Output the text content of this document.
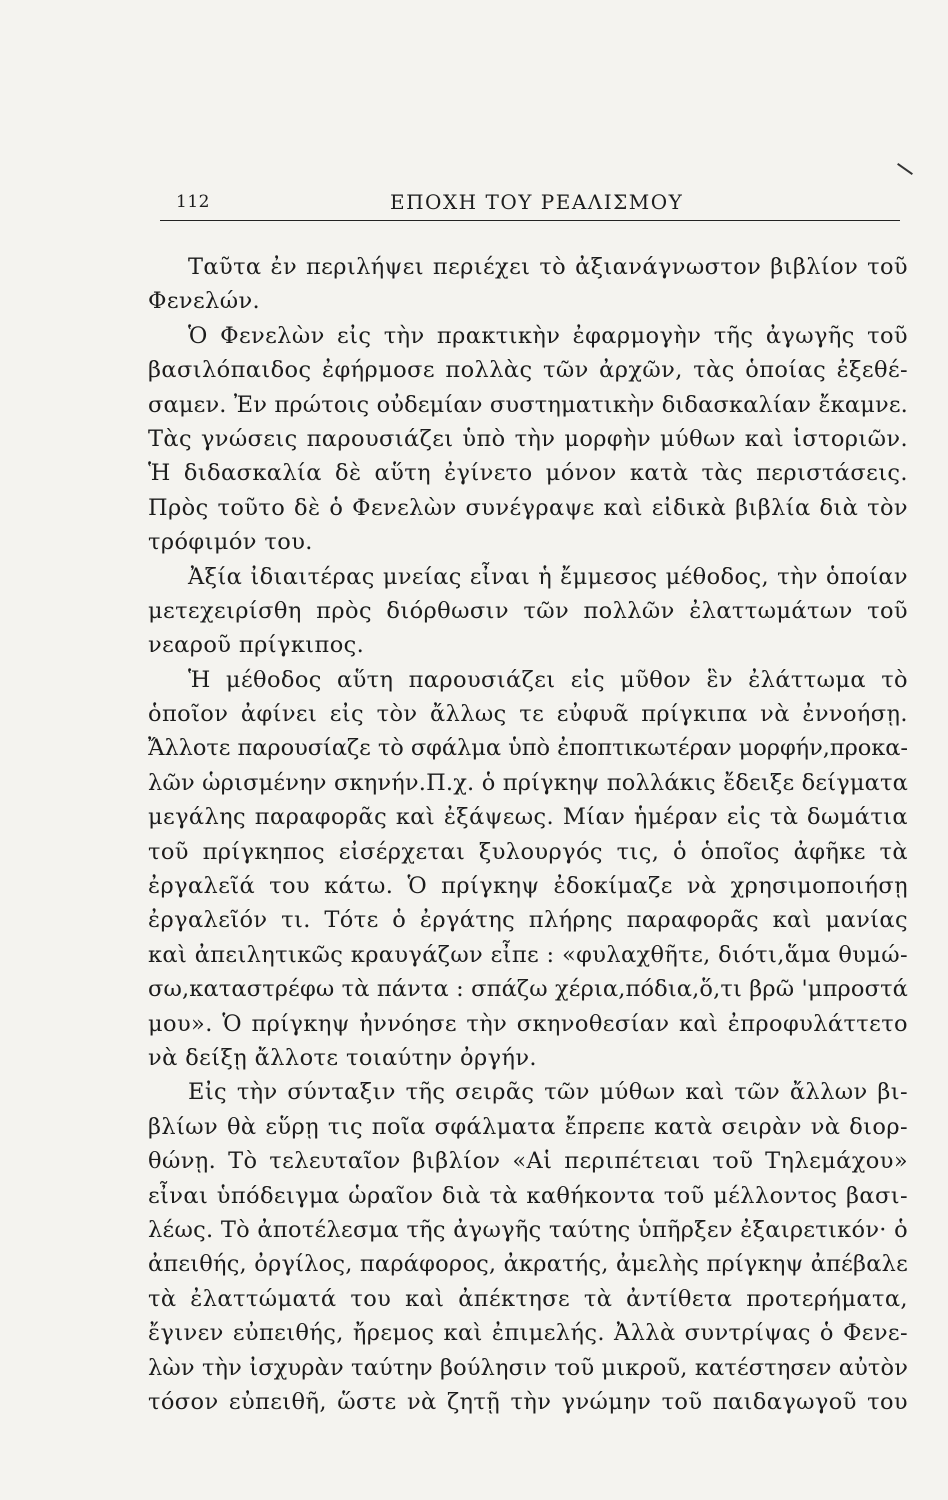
112	ΕΠΟΧΗ ΤΟΥ ΡΕΑΛΙΣΜΟΥ
Ταῦτα ἐν περιλήψει περιέχει τὸ ἀξιανάγνωστον βιβλίον τοῦ
Φενελών.
Ὁ Φενελὼν εἰς τὴν πρακτικὴν ἐφαρμογὴν τῆς ἀγωγῆς τοῦ
βασιλόπαιδος ἐφήρμοσε πολλὰς τῶν ἀρχῶν, τὰς ὁποίας ἐξεθέ-
σαμεν. Ἐν πρώτοις οὐδεμίαν συστηματικὴν διδασκαλίαν ἔκαμνε.
Τὰς γνώσεις παρουσιάζει ὑπὸ τὴν μορφὴν μύθων καὶ ἱστοριῶν.
Ἡ διδασκαλία δὲ αὕτη ἐγίνετο μόνον κατὰ τὰς περιστάσεις.
Πρὸς τοῦτο δὲ ὁ Φενελὼν συνέγραψε καὶ εἰδικὰ βιβλία διὰ τὸν
τρόφιμόν του.
Ἀξία ἰδιαιτέρας μνείας εἶναι ἡ ἔμμεσος μέθοδος, τὴν ὁποίαν
μετεχειρίσθη πρὸς διόρθωσιν τῶν πολλῶν ἐλαττωμάτων τοῦ
νεαροῦ πρίγκιπος.
Ἡ μέθοδος αὕτη παρουσιάζει εἰς μῦθον ἓν ἐλάττωμα τὸ
ὁποῖον ἀφίνει εἰς τὸν ἄλλως τε εὐφυᾶ πρίγκιπα νὰ ἐννοήσῃ.
Ἄλλοτε παρουσίαζε τὸ σφάλμα ὑπὸ ἐποπτικωτέραν μορφήν,προκα-
λῶν ὡρισμένην σκηνήν.Π.χ. ὁ πρίγκηψ πολλάκις ἔδειξε δείγματα
μεγάλης παραφορᾶς καὶ ἐξάψεως. Μίαν ἡμέραν εἰς τὰ δωμάτια
τοῦ πρίγκηπος εἰσέρχεται ξυλουργός τις, ὁ ὁποῖος ἀφῆκε τὰ
ἐργαλεῖά του κάτω. Ὁ πρίγκηψ ἐδοκίμαζε νὰ χρησιμοποιήσῃ
ἐργαλεῖόν τι. Τότε ὁ ἐργάτης πλήρης παραφορᾶς καὶ μανίας
καὶ ἀπειλητικῶς κραυγάζων εἶπε : «φυλαχθῆτε, διότι,ἅμα θυμώ-
σω,καταστρέφω τὰ πάντα : σπάζω χέρια,πόδια,ὅ,τι βρῶ 'μπροστά
μου». Ὁ πρίγκηψ ἠννόησε τὴν σκηνοθεσίαν καὶ ἐπροφυλάττετο
νὰ δείξῃ ἄλλοτε τοιαύτην ὀργήν.
Εἰς τὴν σύνταξιν τῆς σειρᾶς τῶν μύθων καὶ τῶν ἄλλων βι-
βλίων θὰ εὕρῃ τις ποῖα σφάλματα ἔπρεπε κατὰ σειρὰν νὰ διορ-
θώνῃ. Τὸ τελευταῖον βιβλίον «Αἱ περιπέτειαι τοῦ Τηλεμάχου»
εἶναι ὑπόδειγμα ὡραῖον διὰ τὰ καθήκοντα τοῦ μέλλοντος βασι-
λέως. Τὸ ἀποτέλεσμα τῆς ἀγωγῆς ταύτης ὑπῆρξεν ἐξαιρετικόν· ὁ
ἀπειθής, ὀργίλος, παράφορος, ἀκρατής, ἀμελὴς πρίγκηψ ἀπέβαλε
τὰ ἐλαττώματά του καὶ ἀπέκτησε τὰ ἀντίθετα προτερήματα,
ἔγινεν εὐπειθής, ἤρεμος καὶ ἐπιμελής. Ἀλλὰ συντρίψας ὁ Φενε-
λὼν τὴν ἰσχυρὰν ταύτην βούλησιν τοῦ μικροῦ, κατέστησεν αὐτὸν
τόσον εὐπειθῆ, ὥστε νὰ ζητῇ τὴν γνώμην τοῦ παιδαγωγοῦ του
